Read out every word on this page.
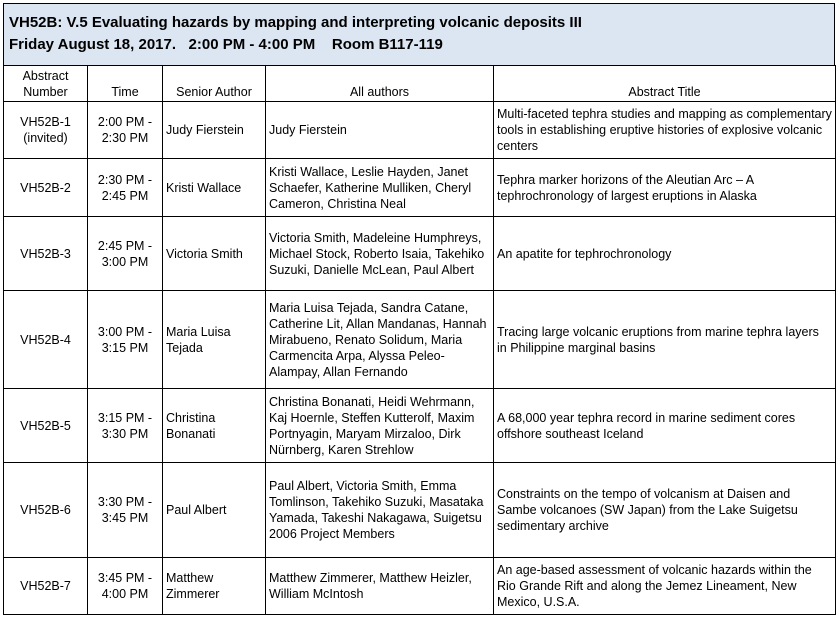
VH52B: V.5 Evaluating hazards by mapping and interpreting volcanic deposits III
Friday August 18, 2017. 2:00 PM - 4:00 PM Room B117-119
Abstract Number	Time	Senior Author	All authors	Abstract Title
VH52B-1 (invited)	2:00 PM - 2:30 PM	Judy Fierstein	Judy Fierstein	Multi-faceted tephra studies and mapping as complementary tools in establishing eruptive histories of explosive volcanic centers
VH52B-2	2:30 PM - 2:45 PM	Kristi Wallace	Kristi Wallace, Leslie Hayden, Janet Schaefer, Katherine Mulliken, Cheryl Cameron, Christina Neal	Tephra marker horizons of the Aleutian Arc – A tephrochronology of largest eruptions in Alaska
VH52B-3	2:45 PM - 3:00 PM	Victoria Smith	Victoria Smith, Madeleine Humphreys, Michael Stock, Roberto Isaia, Takehiko Suzuki, Danielle McLean, Paul Albert	An apatite for tephrochronology
VH52B-4	3:00 PM - 3:15 PM	Maria Luisa Tejada	Maria Luisa Tejada, Sandra Catane, Catherine Lit, Allan Mandanas, Hannah Mirabueno, Renato Solidum, Maria Carmencita Arpa, Alyssa Peleo-Alampay, Allan Fernando	Tracing large volcanic eruptions from marine tephra layers in Philippine marginal basins
VH52B-5	3:15 PM - 3:30 PM	Christina Bonanati	Christina Bonanati, Heidi Wehrmann, Kaj Hoernle, Steffen Kutterolf, Maxim Portnyagin, Maryam Mirzaloo, Dirk Nürnberg, Karen Strehlow	A 68,000 year tephra record in marine sediment cores offshore southeast Iceland
VH52B-6	3:30 PM - 3:45 PM	Paul Albert	Paul Albert, Victoria Smith, Emma Tomlinson, Takehiko Suzuki, Masataka Yamada, Takeshi Nakagawa, Suigetsu 2006 Project Members	Constraints on the tempo of volcanism at Daisen and Sambe volcanoes (SW Japan) from the Lake Suigetsu sedimentary archive
VH52B-7	3:45 PM - 4:00 PM	Matthew Zimmerer	Matthew Zimmerer, Matthew Heizler, William McIntosh	An age-based assessment of volcanic hazards within the Rio Grande Rift and along the Jemez Lineament, New Mexico, U.S.A.
